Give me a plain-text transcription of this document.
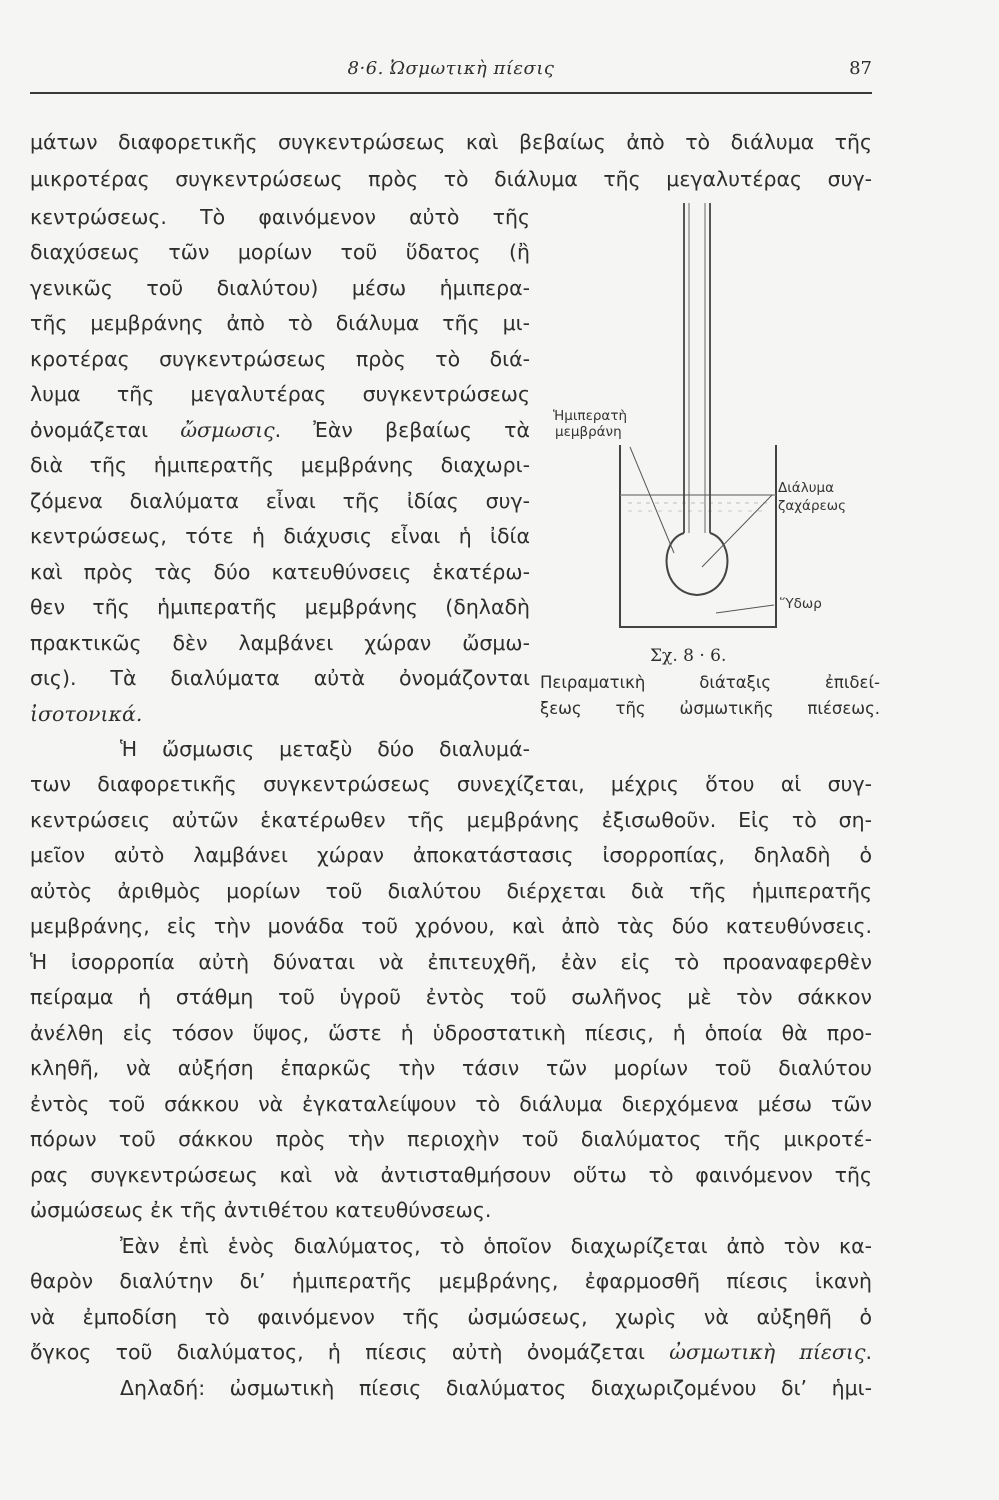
8·6. Ὠσμωτικὴ πίεσις	87
μάτων διαφορετικῆς συγκεντρώσεως καὶ βεβαίως ἀπὸ τὸ διάλυμα τῆς
μικροτέρας συγκεντρώσεως πρὸς τὸ διάλυμα τῆς μεγαλυτέρας συγ-
κεντρώσεως. Τὸ φαινόμενον αὐτὸ τῆς
διαχύσεως τῶν μορίων τοῦ ὕδατος (ἢ
γενικῶς τοῦ διαλύτου) μέσω ἡμιπερα-
τῆς μεμβράνης ἀπὸ τὸ διάλυμα τῆς μι-
κροτέρας συγκεντρώσεως πρὸς τὸ διά-
λυμα τῆς μεγαλυτέρας συγκεντρώσεως
ὀνομάζεται ὤσμωσις. Ἐὰν βεβαίως τὰ
διὰ τῆς ἡμιπερατῆς μεμβράνης διαχωρι-
ζόμενα διαλύματα εἶναι τῆς ἰδίας συγ-
κεντρώσεως, τότε ἡ διάχυσις εἶναι ἡ ἰδία
καὶ πρὸς τὰς δύο κατευθύνσεις ἑκατέρω-
θεν τῆς ἡμιπερατῆς μεμβράνης (δηλαδὴ
πρακτικῶς δὲν λαμβάνει χώραν ὤσμω-
σις). Τὰ διαλύματα αὐτὰ ὀνομάζονται
ἰσοτονικά.
Ἡ ὤσμωσις μεταξὺ δύο διαλυμά-
των διαφορετικῆς συγκεντρώσεως συνεχίζεται, μέχρις ὅτου αἱ συγ-
κεντρώσεις αὐτῶν ἑκατέρωθεν τῆς μεμβράνης ἐξισωθοῦν. Εἰς τὸ ση-
μεῖον αὐτὸ λαμβάνει χώραν ἀποκατάστασις ἰσορροπίας, δηλαδὴ ὁ
αὐτὸς ἀριθμὸς μορίων τοῦ διαλύτου διέρχεται διὰ τῆς ἡμιπερατῆς
μεμβράνης, εἰς τὴν μονάδα τοῦ χρόνου, καὶ ἀπὸ τὰς δύο κατευθύνσεις.
Ἡ ἰσορροπία αὐτὴ δύναται νὰ ἐπιτευχθῆ, ἐὰν εἰς τὸ προαναφερθὲν
πείραμα ἡ στάθμη τοῦ ὑγροῦ ἐντὸς τοῦ σωλῆνος μὲ τὸν σάκκον
ἀνέλθη εἰς τόσον ὕψος, ὥστε ἡ ὑδροστατικὴ πίεσις, ἡ ὁποία θὰ προ-
κληθῆ, νὰ αὐξήση ἐπαρκῶς τὴν τάσιν τῶν μορίων τοῦ διαλύτου
ἐντὸς τοῦ σάκκου νὰ ἐγκαταλείψουν τὸ διάλυμα διερχόμενα μέσω τῶν
πόρων τοῦ σάκκου πρὸς τὴν περιοχὴν τοῦ διαλύματος τῆς μικροτέ-
ρας συγκεντρώσεως καὶ νὰ ἀντισταθμήσουν οὕτω τὸ φαινόμενον τῆς
ὠσμώσεως ἐκ τῆς ἀντιθέτου κατευθύνσεως.
Ἐὰν ἐπὶ ἑνὸς διαλύματος, τὸ ὁποῖον διαχωρίζεται ἀπὸ τὸν κα-
θαρὸν διαλύτην δι’ ἡμιπερατῆς μεμβράνης, ἐφαρμοσθῆ πίεσις ἱκανὴ
νὰ ἐμποδίση τὸ φαινόμενον τῆς ὠσμώσεως, χωρὶς νὰ αὐξηθῆ ὁ
ὄγκος τοῦ διαλύματος, ἡ πίεσις αὐτὴ ὀνομάζεται ὠσμωτικὴ πίεσις.
Δηλαδή: ὠσμωτικὴ πίεσις διαλύματος διαχωριζομένου δι’ ἡμι-
Ἡμιπερατὴ
μεμβράνη
Διάλυμα
ζαχάρεως
Ὕδωρ
Σχ. 8 · 6.
Πειραματικὴ διάταξις ἐπιδεί-
ξεως τῆς ὠσμωτικῆς πιέσεως.
